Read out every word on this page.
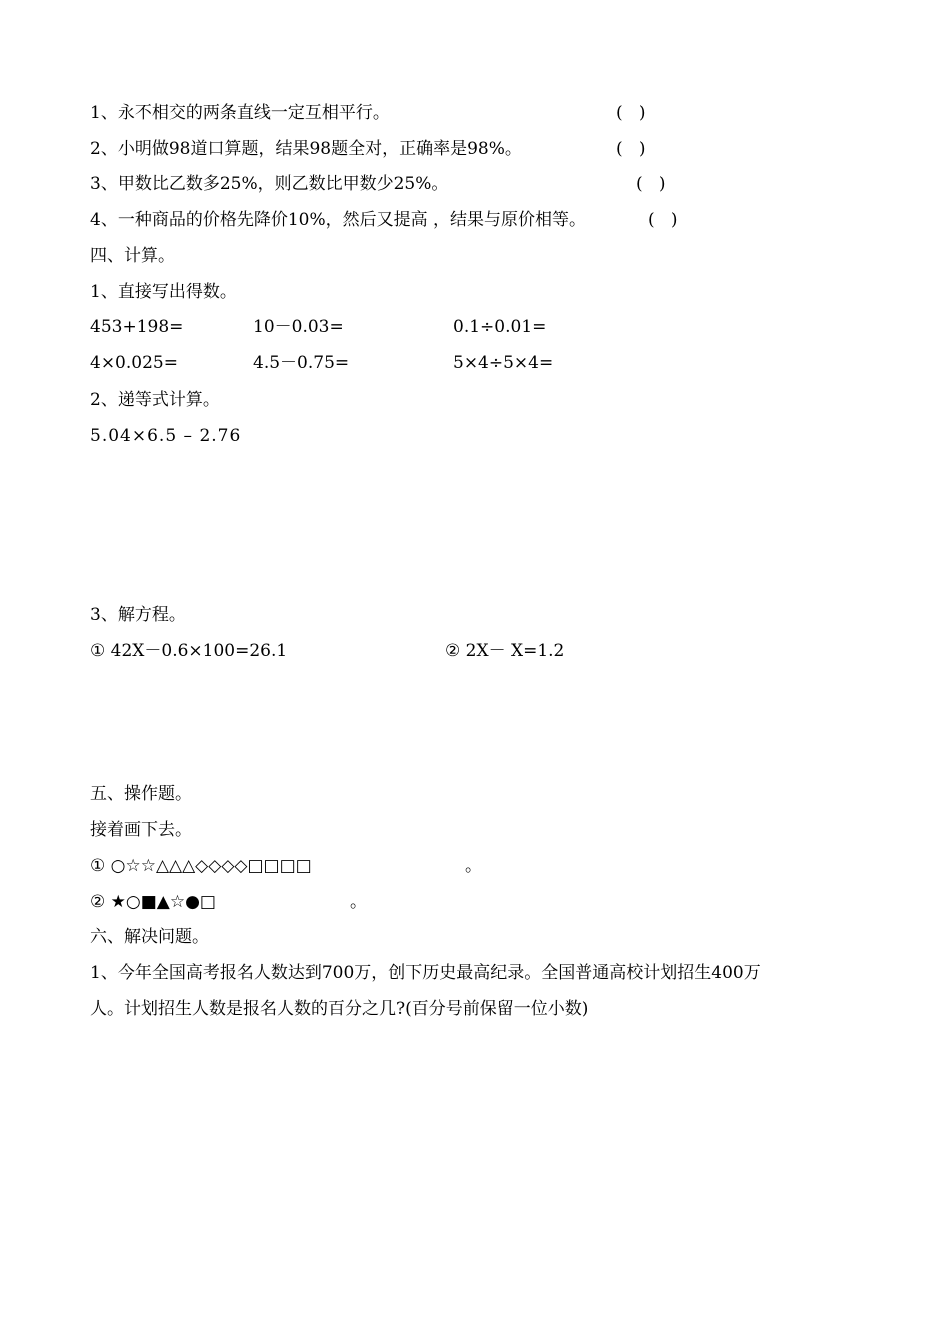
1、永不相交的两条直线一定互相平行。	(   )
2、小明做98道口算题，结果98题全对，正确率是98%。	(   )
3、甲数比乙数多25%，则乙数比甲数少25%。	(   )
4、一种商品的价格先降价10%，然后又提高 ，结果与原价相等。	(   )
四、计算。
1、直接写出得数。
453+198=	10－0.03=	0.1÷0.01=
4×0.025=	4.5－0.75=	5×4÷5×4=
2、递等式计算。
5.04×6.5 – 2.76
3、解方程。
① 42X－0.6×100=26.1	② 2X－ X=1.2
五、操作题。
接着画下去。
① ○☆☆△△△◇◇◇◇□□□□	。
② ★○■▲☆●□	。
六、解决问题。
1、今年全国高考报名人数达到700万，创下历史最高纪录。全国普通高校计划招生400万
人。计划招生人数是报名人数的百分之几?(百分号前保留一位小数)
